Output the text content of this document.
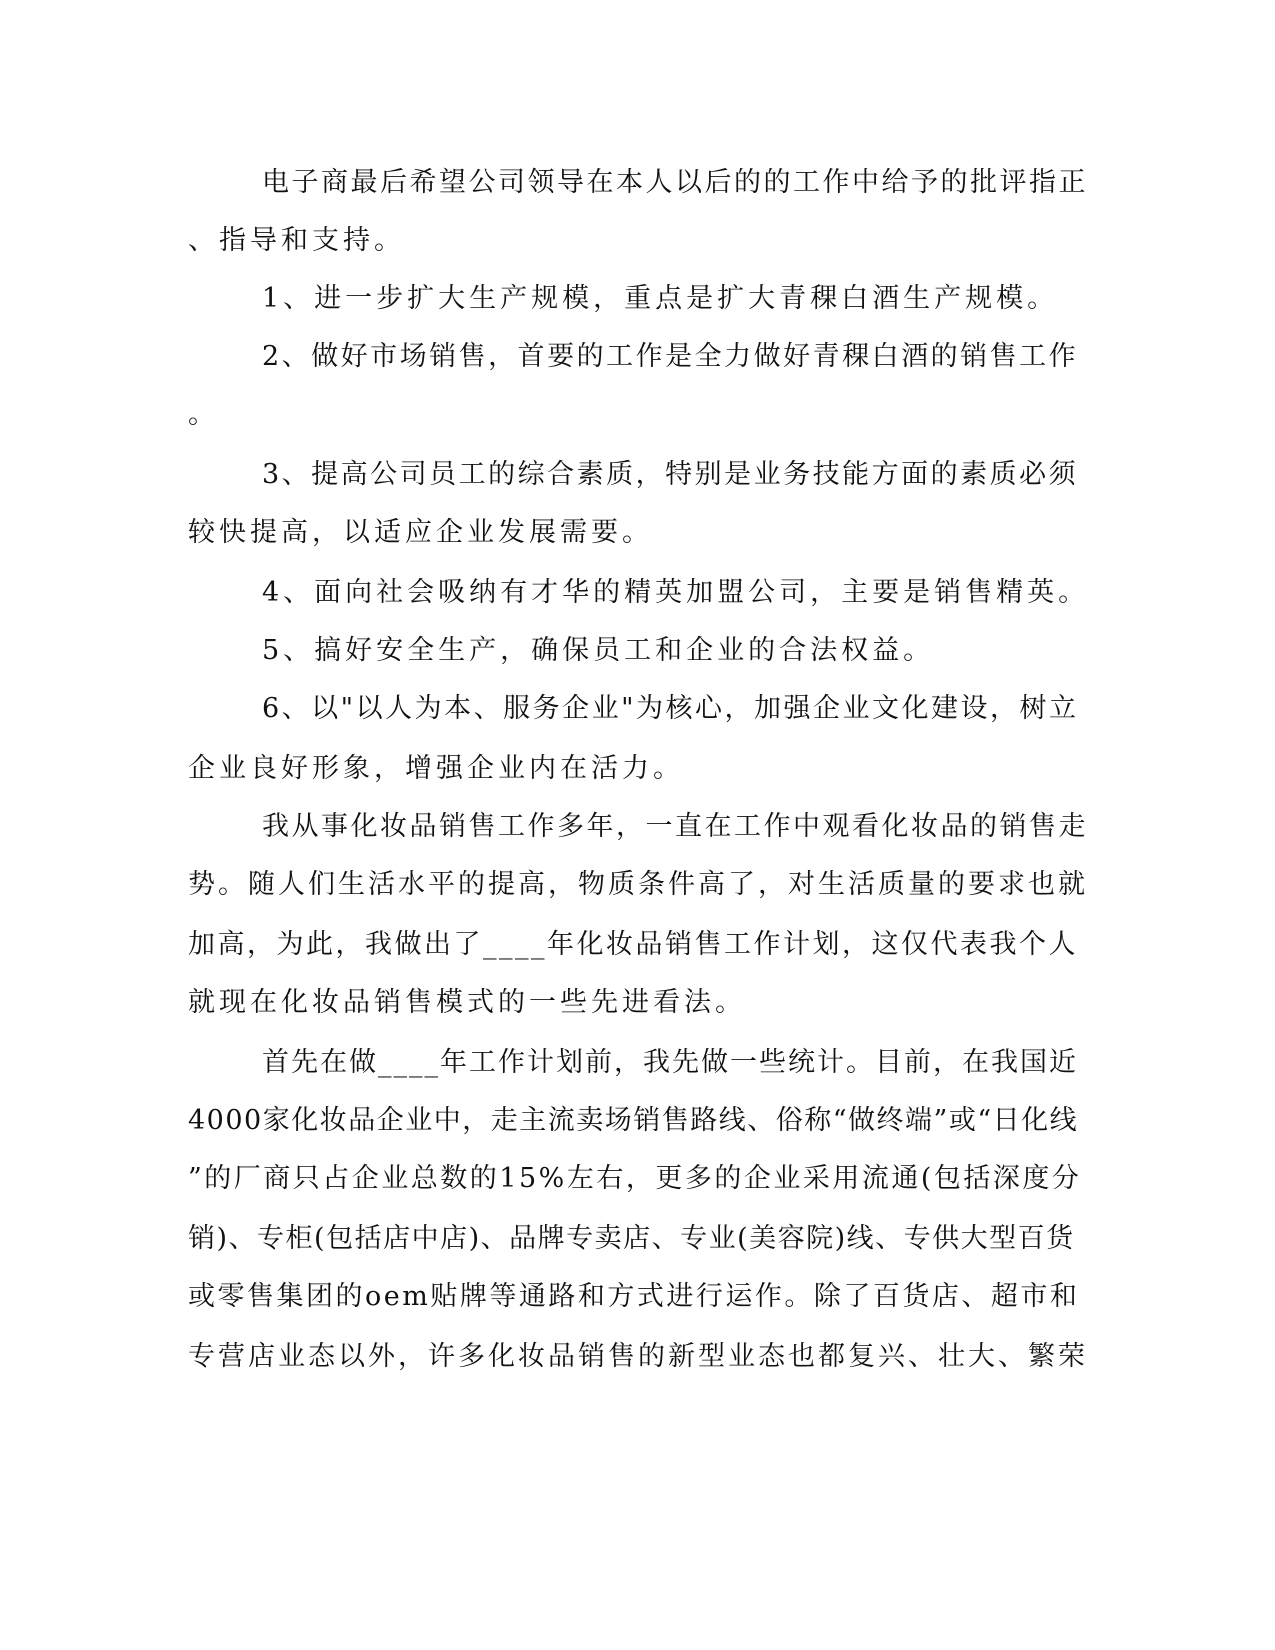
电子商最后希望公司领导在本人以后的的工作中给予的批评指正
、指导和支持。
1、进一步扩大生产规模，重点是扩大青稞白酒生产规模。
2、做好市场销售，首要的工作是全力做好青稞白酒的销售工作
。
3、提高公司员工的综合素质，特别是业务技能方面的素质必须
较快提高，以适应企业发展需要。
4、面向社会吸纳有才华的精英加盟公司，主要是销售精英。
5、搞好安全生产，确保员工和企业的合法权益。
6、以"以人为本、服务企业"为核心，加强企业文化建设，树立
企业良好形象，增强企业内在活力。
我从事化妆品销售工作多年，一直在工作中观看化妆品的销售走
势。随人们生活水平的提高，物质条件高了，对生活质量的要求也就
加高，为此，我做出了____年化妆品销售工作计划，这仅代表我个人
就现在化妆品销售模式的一些先进看法。
首先在做____年工作计划前，我先做一些统计。目前，在我国近
4000家化妆品企业中，走主流卖场销售路线、俗称“做终端”或“日化线
”的厂商只占企业总数的15%左右，更多的企业采用流通(包括深度分
销)、专柜(包括店中店)、品牌专卖店、专业(美容院)线、专供大型百货
或零售集团的oem贴牌等通路和方式进行运作。除了百货店、超市和
专营店业态以外，许多化妆品销售的新型业态也都复兴、壮大、繁荣
